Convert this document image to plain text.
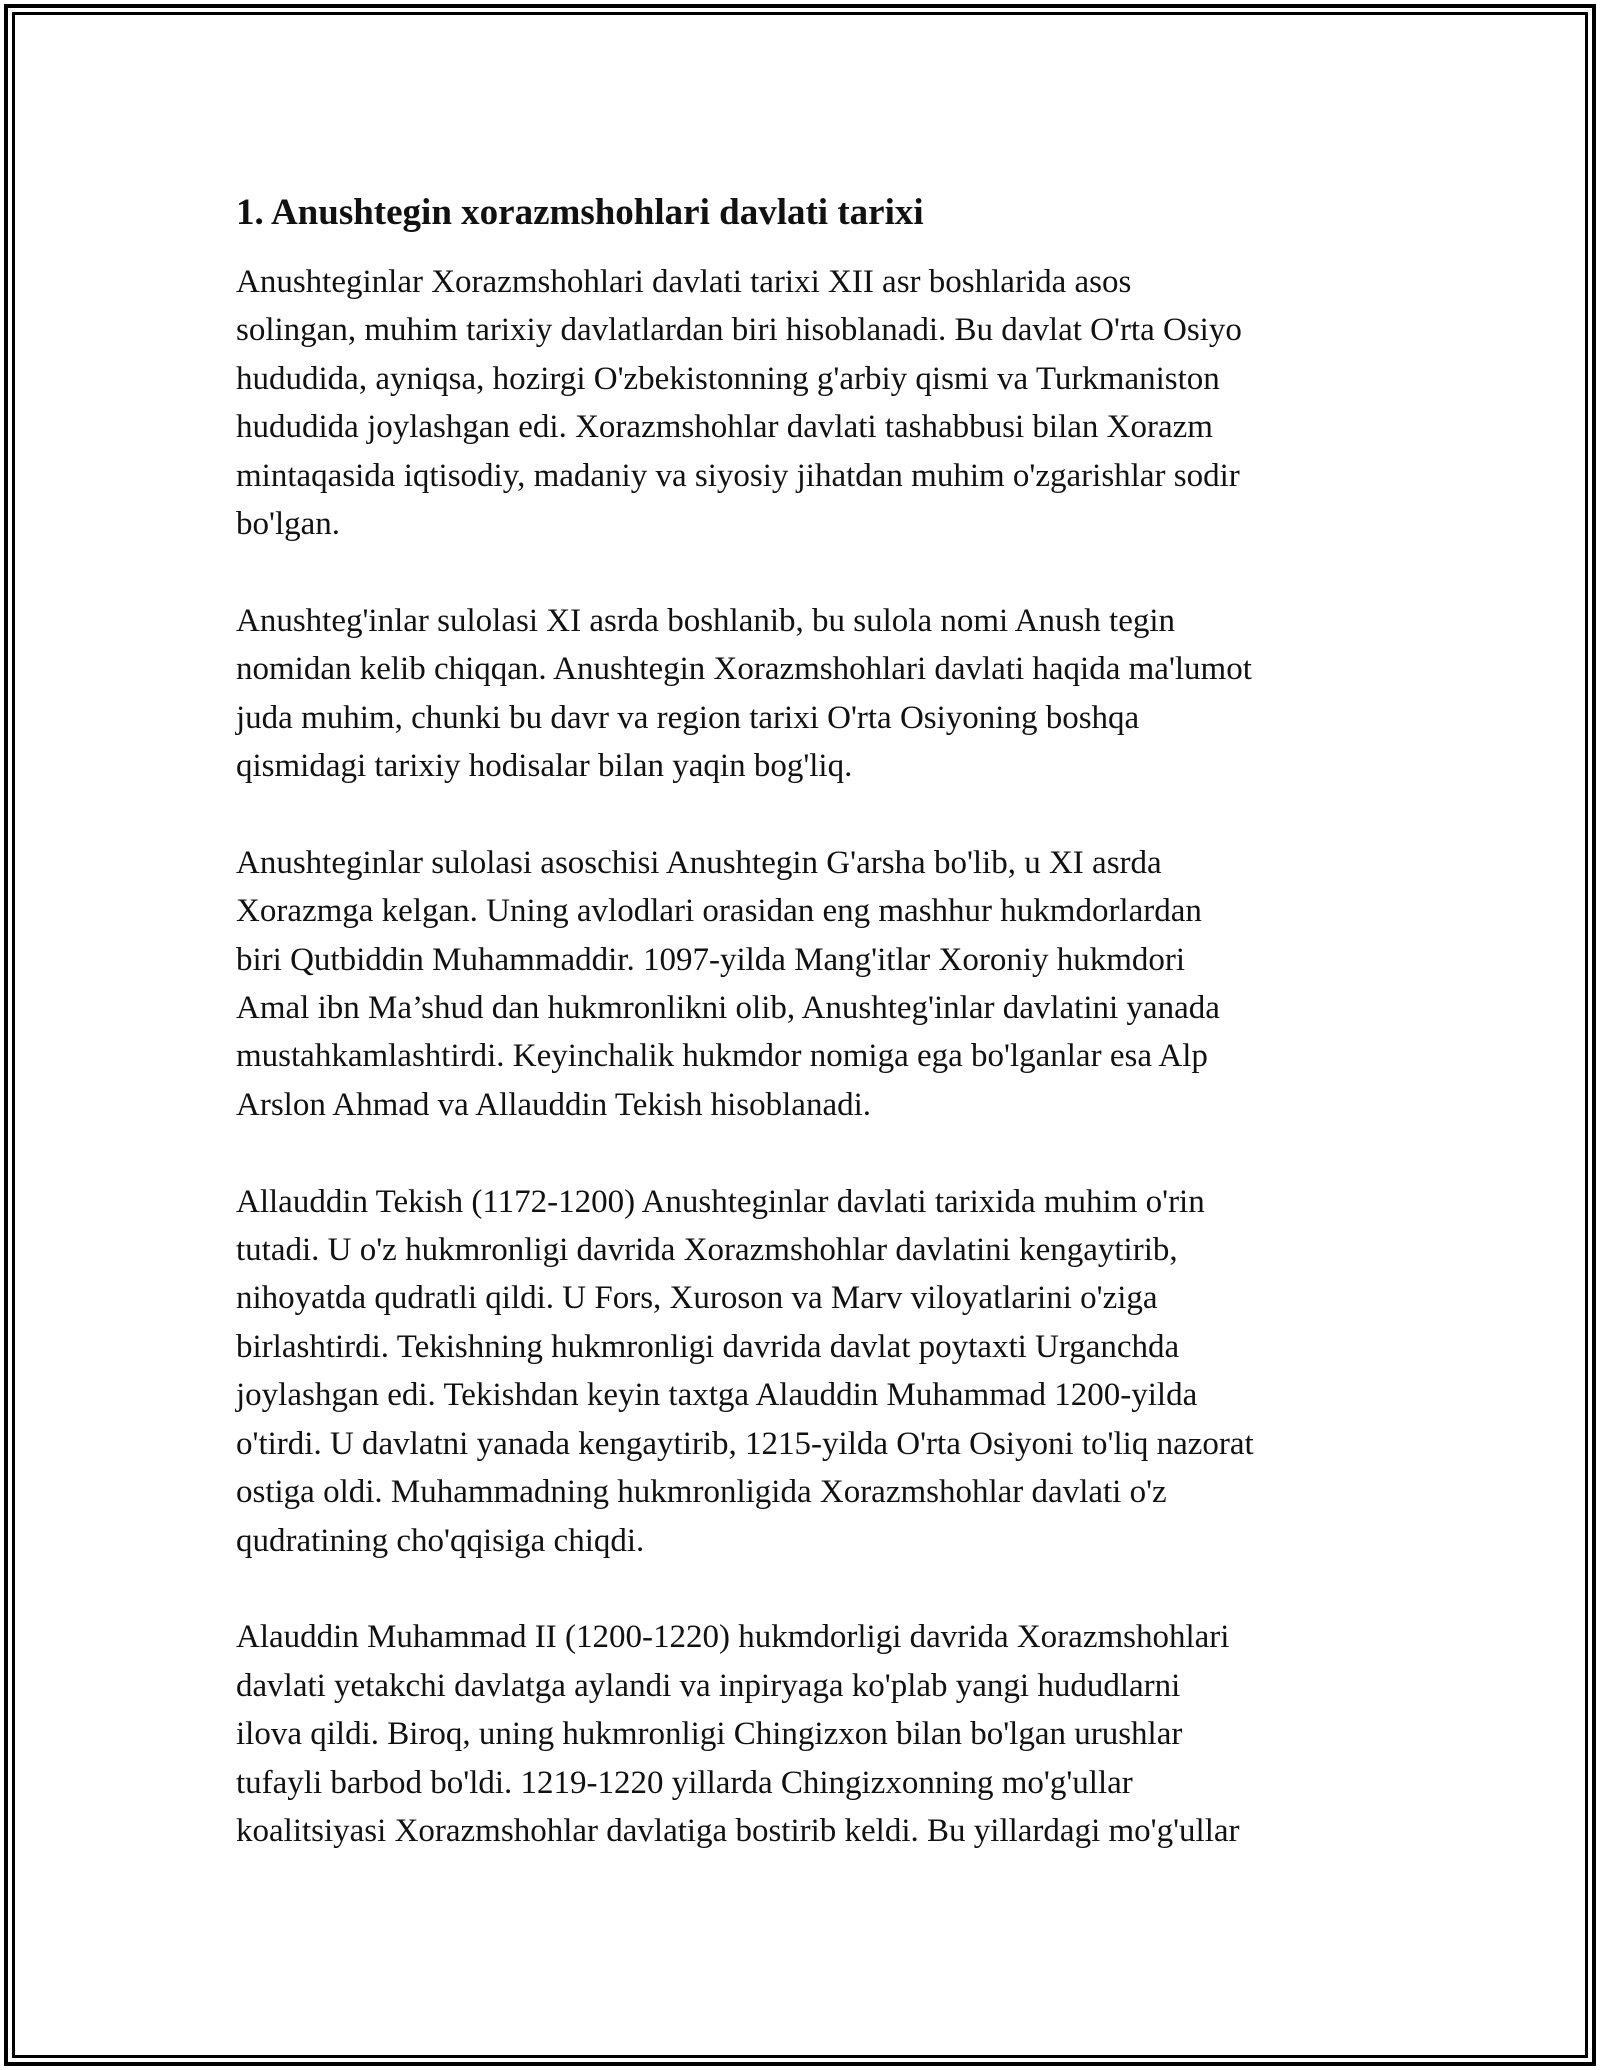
1. Anushtegin xorazmshohlari davlati tarixi

Anushteginlar Xorazmshohlari davlati tarixi XII asr boshlarida asos
solingan, muhim tarixiy davlatlardan biri hisoblanadi. Bu davlat O'rta Osiyo
hududida, ayniqsa, hozirgi O'zbekistonning g'arbiy qismi va Turkmaniston
hududida joylashgan edi. Xorazmshohlar davlati tashabbusi bilan Xorazm
mintaqasida iqtisodiy, madaniy va siyosiy jihatdan muhim o'zgarishlar sodir
bo'lgan.

Anushteg'inlar sulolasi XI asrda boshlanib, bu sulola nomi Anush tegin
nomidan kelib chiqqan. Anushtegin Xorazmshohlari davlati haqida ma'lumot
juda muhim, chunki bu davr va region tarixi O'rta Osiyoning boshqa
qismidagi tarixiy hodisalar bilan yaqin bog'liq.

Anushteginlar sulolasi asoschisi Anushtegin G'arsha bo'lib, u XI asrda
Xorazmga kelgan. Uning avlodlari orasidan eng mashhur hukmdorlardan
biri Qutbiddin Muhammaddir. 1097-yilda Mang'itlar Xoroniy hukmdori
Amal ibn Ma’shud dan hukmronlikni olib, Anushteg'inlar davlatini yanada
mustahkamlashtirdi. Keyinchalik hukmdor nomiga ega bo'lganlar esa Alp
Arslon Ahmad va Allauddin Tekish hisoblanadi.

Allauddin Tekish (1172-1200) Anushteginlar davlati tarixida muhim o'rin
tutadi. U o'z hukmronligi davrida Xorazmshohlar davlatini kengaytirib,
nihoyatda qudratli qildi. U Fors, Xuroson va Marv viloyatlarini o'ziga
birlashtirdi. Tekishning hukmronligi davrida davlat poytaxti Urganchda
joylashgan edi. Tekishdan keyin taxtga Alauddin Muhammad 1200-yilda
o'tirdi. U davlatni yanada kengaytirib, 1215-yilda O'rta Osiyoni to'liq nazorat
ostiga oldi. Muhammadning hukmronligida Xorazmshohlar davlati o'z
qudratining cho'qqisiga chiqdi.

Alauddin Muhammad II (1200-1220) hukmdorligi davrida Xorazmshohlari
davlati yetakchi davlatga aylandi va inpiryaga ko'plab yangi hududlarni
ilova qildi. Biroq, uning hukmronligi Chingizxon bilan bo'lgan urushlar
tufayli barbod bo'ldi. 1219-1220 yillarda Chingizxonning mo'g'ullar
koalitsiyasi Xorazmshohlar davlatiga bostirib keldi. Bu yillardagi mo'g'ullar
